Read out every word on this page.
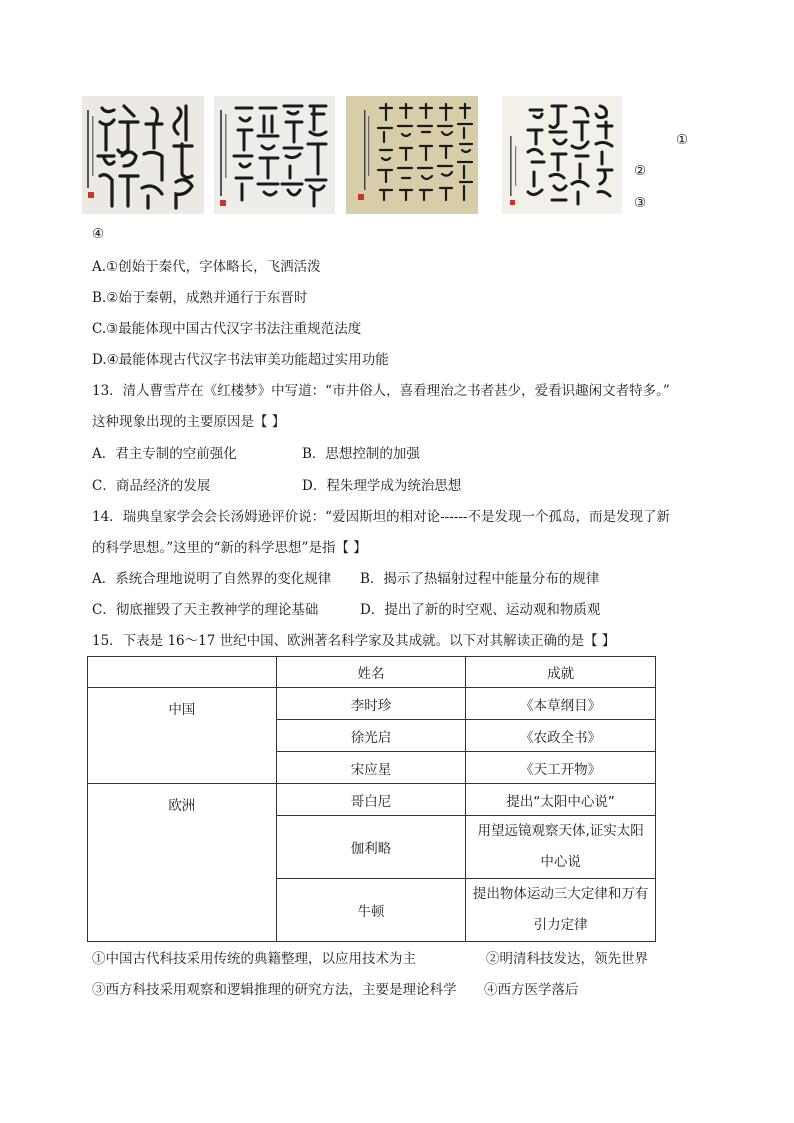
①
②
③
④
A.①创始于秦代，字体略长，飞洒活泼
B.②始于秦朝，成熟并通行于东晋时
C.③最能体现中国古代汉字书法注重规范法度
D.④最能体现古代汉字书法审美功能超过实用功能
13．清人曹雪芹在《红楼梦》中写道：“市井俗人，喜看理治之书者甚少，爱看识趣闲文者特多。”
这种现象出现的主要原因是【 】
A．君主专制的空前强化	B．思想控制的加强
C．商品经济的发展	D．程朱理学成为统治思想
14．瑞典皇家学会会长汤姆逊评价说：“爱因斯坦的相对论------不是发现一个孤岛，而是发现了新
的科学思想。”这里的“新的科学思想”是指【 】
A．系统合理地说明了自然界的变化规律 B．揭示了热辐射过程中能量分布的规律
C．彻底摧毁了天主教神学的理论基础	D．提出了新的时空观、运动观和物质观
15．下表是 16～17 世纪中国、欧洲著名科学家及其成就。以下对其解读正确的是【 】
	姓名	成就
中国	李时珍	《本草纲目》
	徐光启	《农政全书》
	宋应星	《天工开物》
欧洲	哥白尼	提出“太阳中心说”
	伽利略	用望远镜观察天体,证实太阳中心说
	牛顿	提出物体运动三大定律和万有引力定律
①中国古代科技采用传统的典籍整理，以应用技术为主	②明清科技发达，领先世界
③西方科技采用观察和逻辑推理的研究方法，主要是理论科学 ④西方医学落后
